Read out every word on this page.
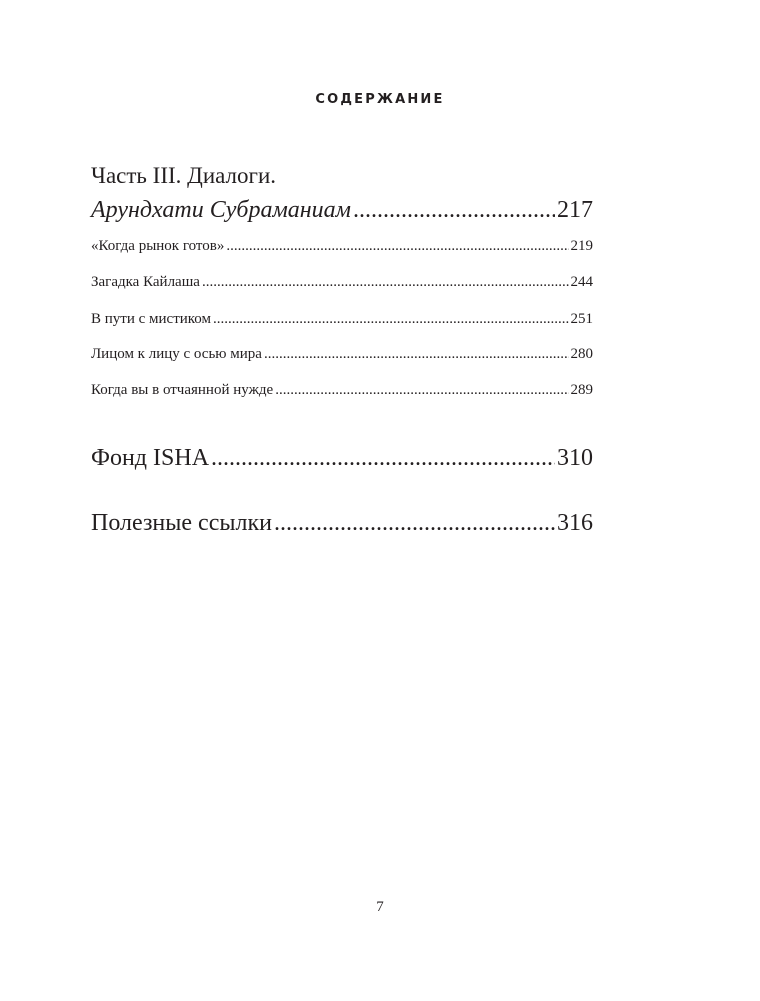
СОДЕРЖАНИЕ
Часть III. Диалоги.
Арундхати Субраманиам .....	217
«Когда рынок готов» .....	219
Загадка Кайлаша .....	244
В пути с мистиком .....	251
Лицом к лицу с осью мира .....	280
Когда вы в отчаянной нужде .....	289
Фонд ISHA .....	310
Полезные ссылки .....	316
7
